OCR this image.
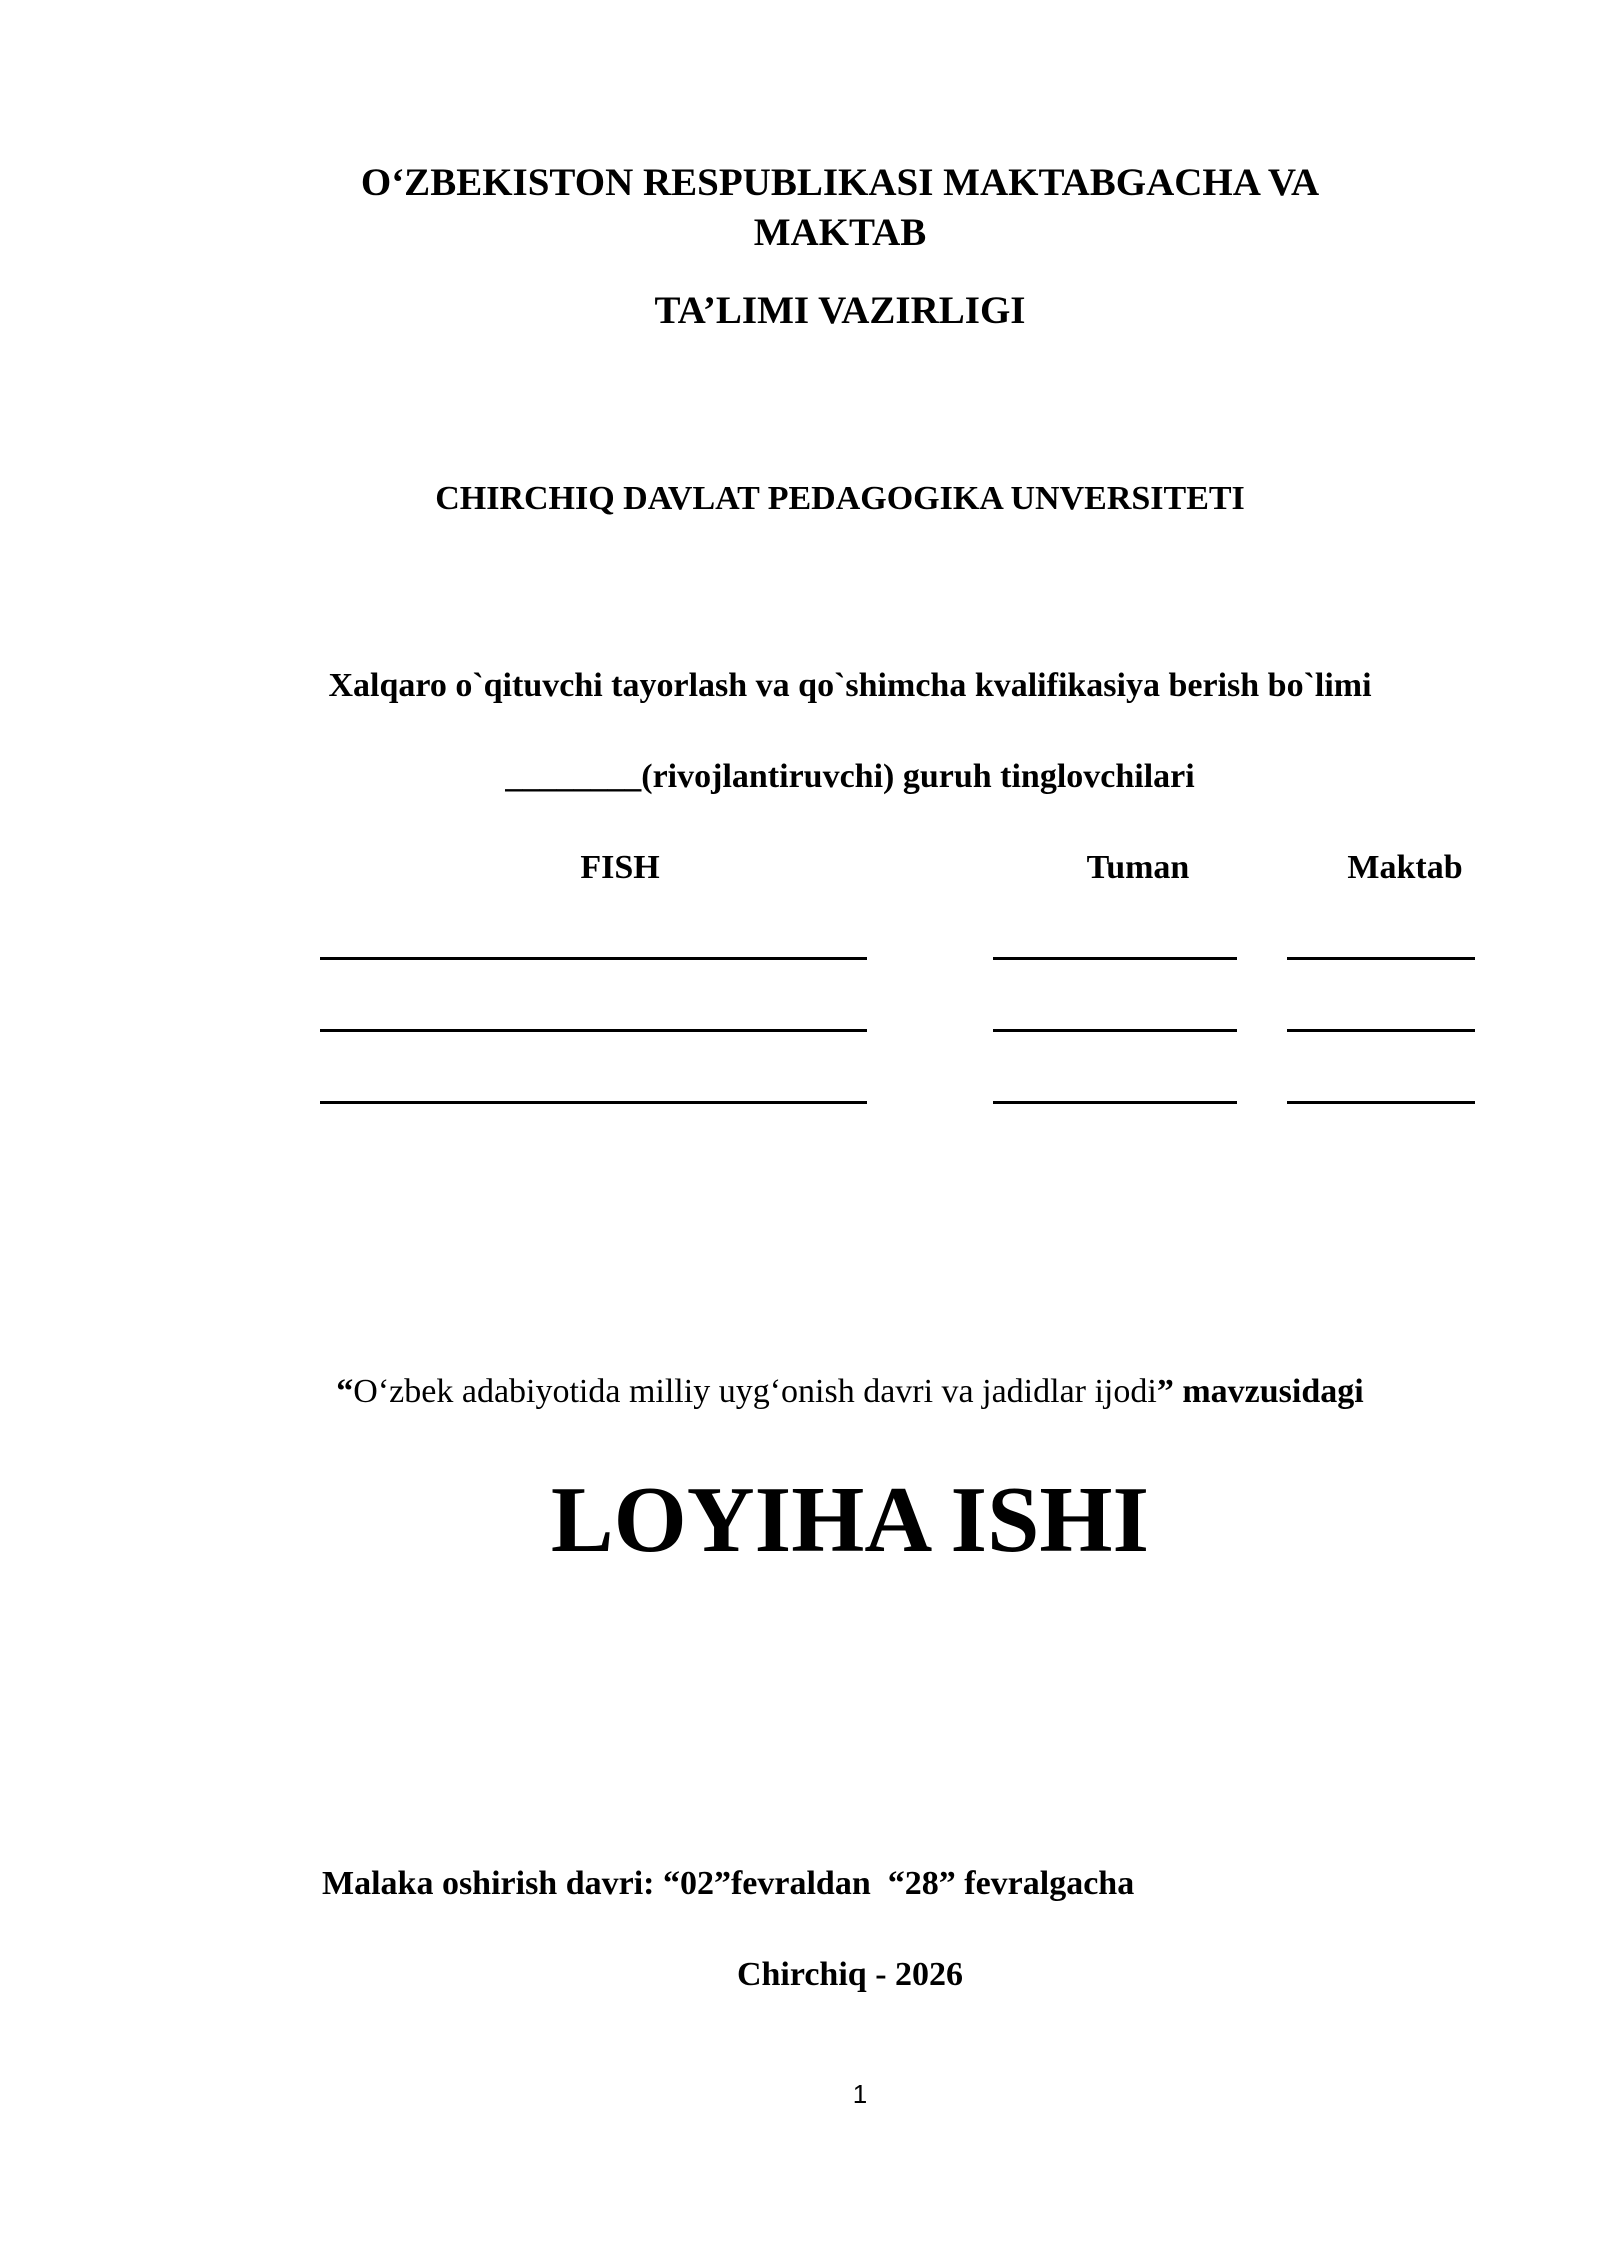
O‘ZBEKISTON RESPUBLIKASI MAKTABGACHA VA
MAKTAB
TA’LIMI VAZIRLIGI
CHIRCHIQ DAVLAT PEDAGOGIKA UNVERSITETI
Xalqaro o`qituvchi tayorlash va qo`shimcha kvalifikasiya berish bo`limi
________(rivojlantiruvchi) guruh tinglovchilari
FISH	Tuman	Maktab
“O‘zbek adabiyotida milliy uyg‘onish davri va jadidlar ijodi” mavzusidagi
LOYIHA ISHI
Malaka oshirish davri: “02”fevraldan  “28” fevralgacha
Chirchiq - 2026
1
